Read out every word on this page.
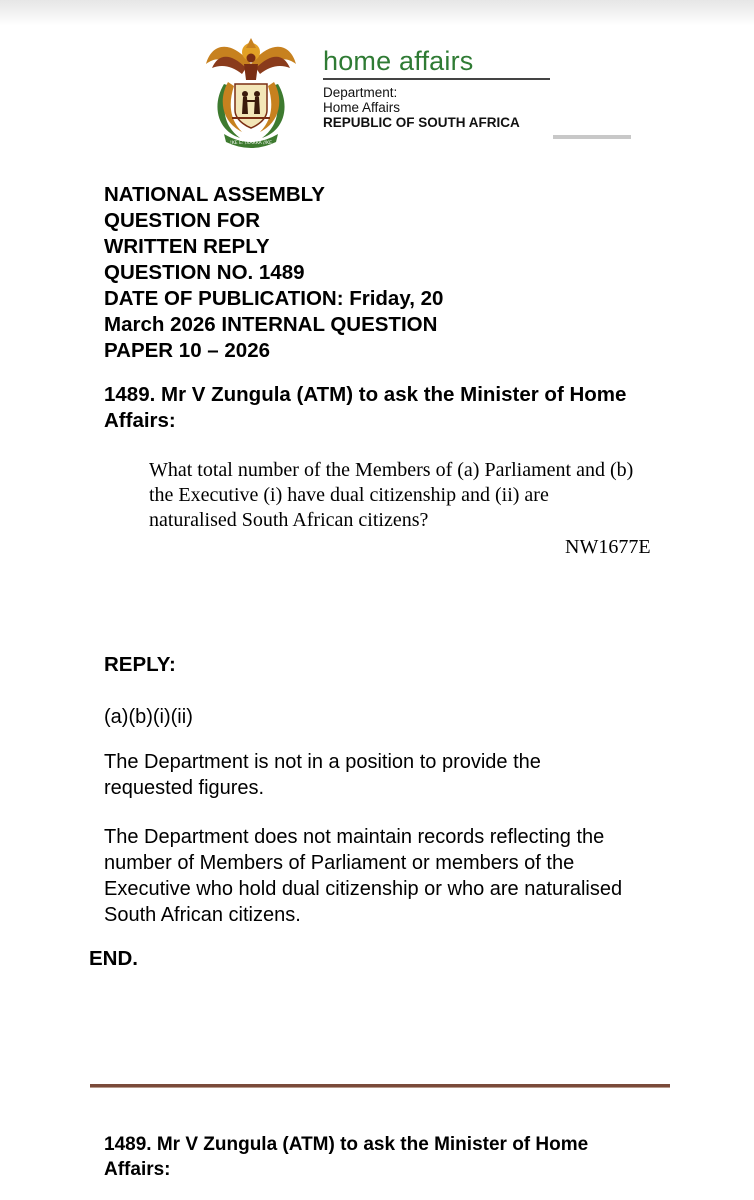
!KE E: /XARRA //KE
home affairs
Department:
Home Affairs
REPUBLIC OF SOUTH AFRICA
NATIONAL ASSEMBLY
QUESTION FOR
WRITTEN REPLY
QUESTION NO. 1489
DATE OF PUBLICATION: Friday, 20
March 2026 INTERNAL QUESTION
PAPER 10 – 2026
1489. Mr V Zungula (ATM) to ask the Minister of Home
Affairs:
What total number of the Members of (a) Parliament and (b)
the Executive (i) have dual citizenship and (ii) are
naturalised South African citizens?
NW1677E
REPLY:
(a)(b)(i)(ii)
The Department is not in a position to provide the
requested figures.
The Department does not maintain records reflecting the
number of Members of Parliament or members of the
Executive who hold dual citizenship or who are naturalised
South African citizens.
END.
1489. Mr V Zungula (ATM) to ask the Minister of Home
Affairs:
